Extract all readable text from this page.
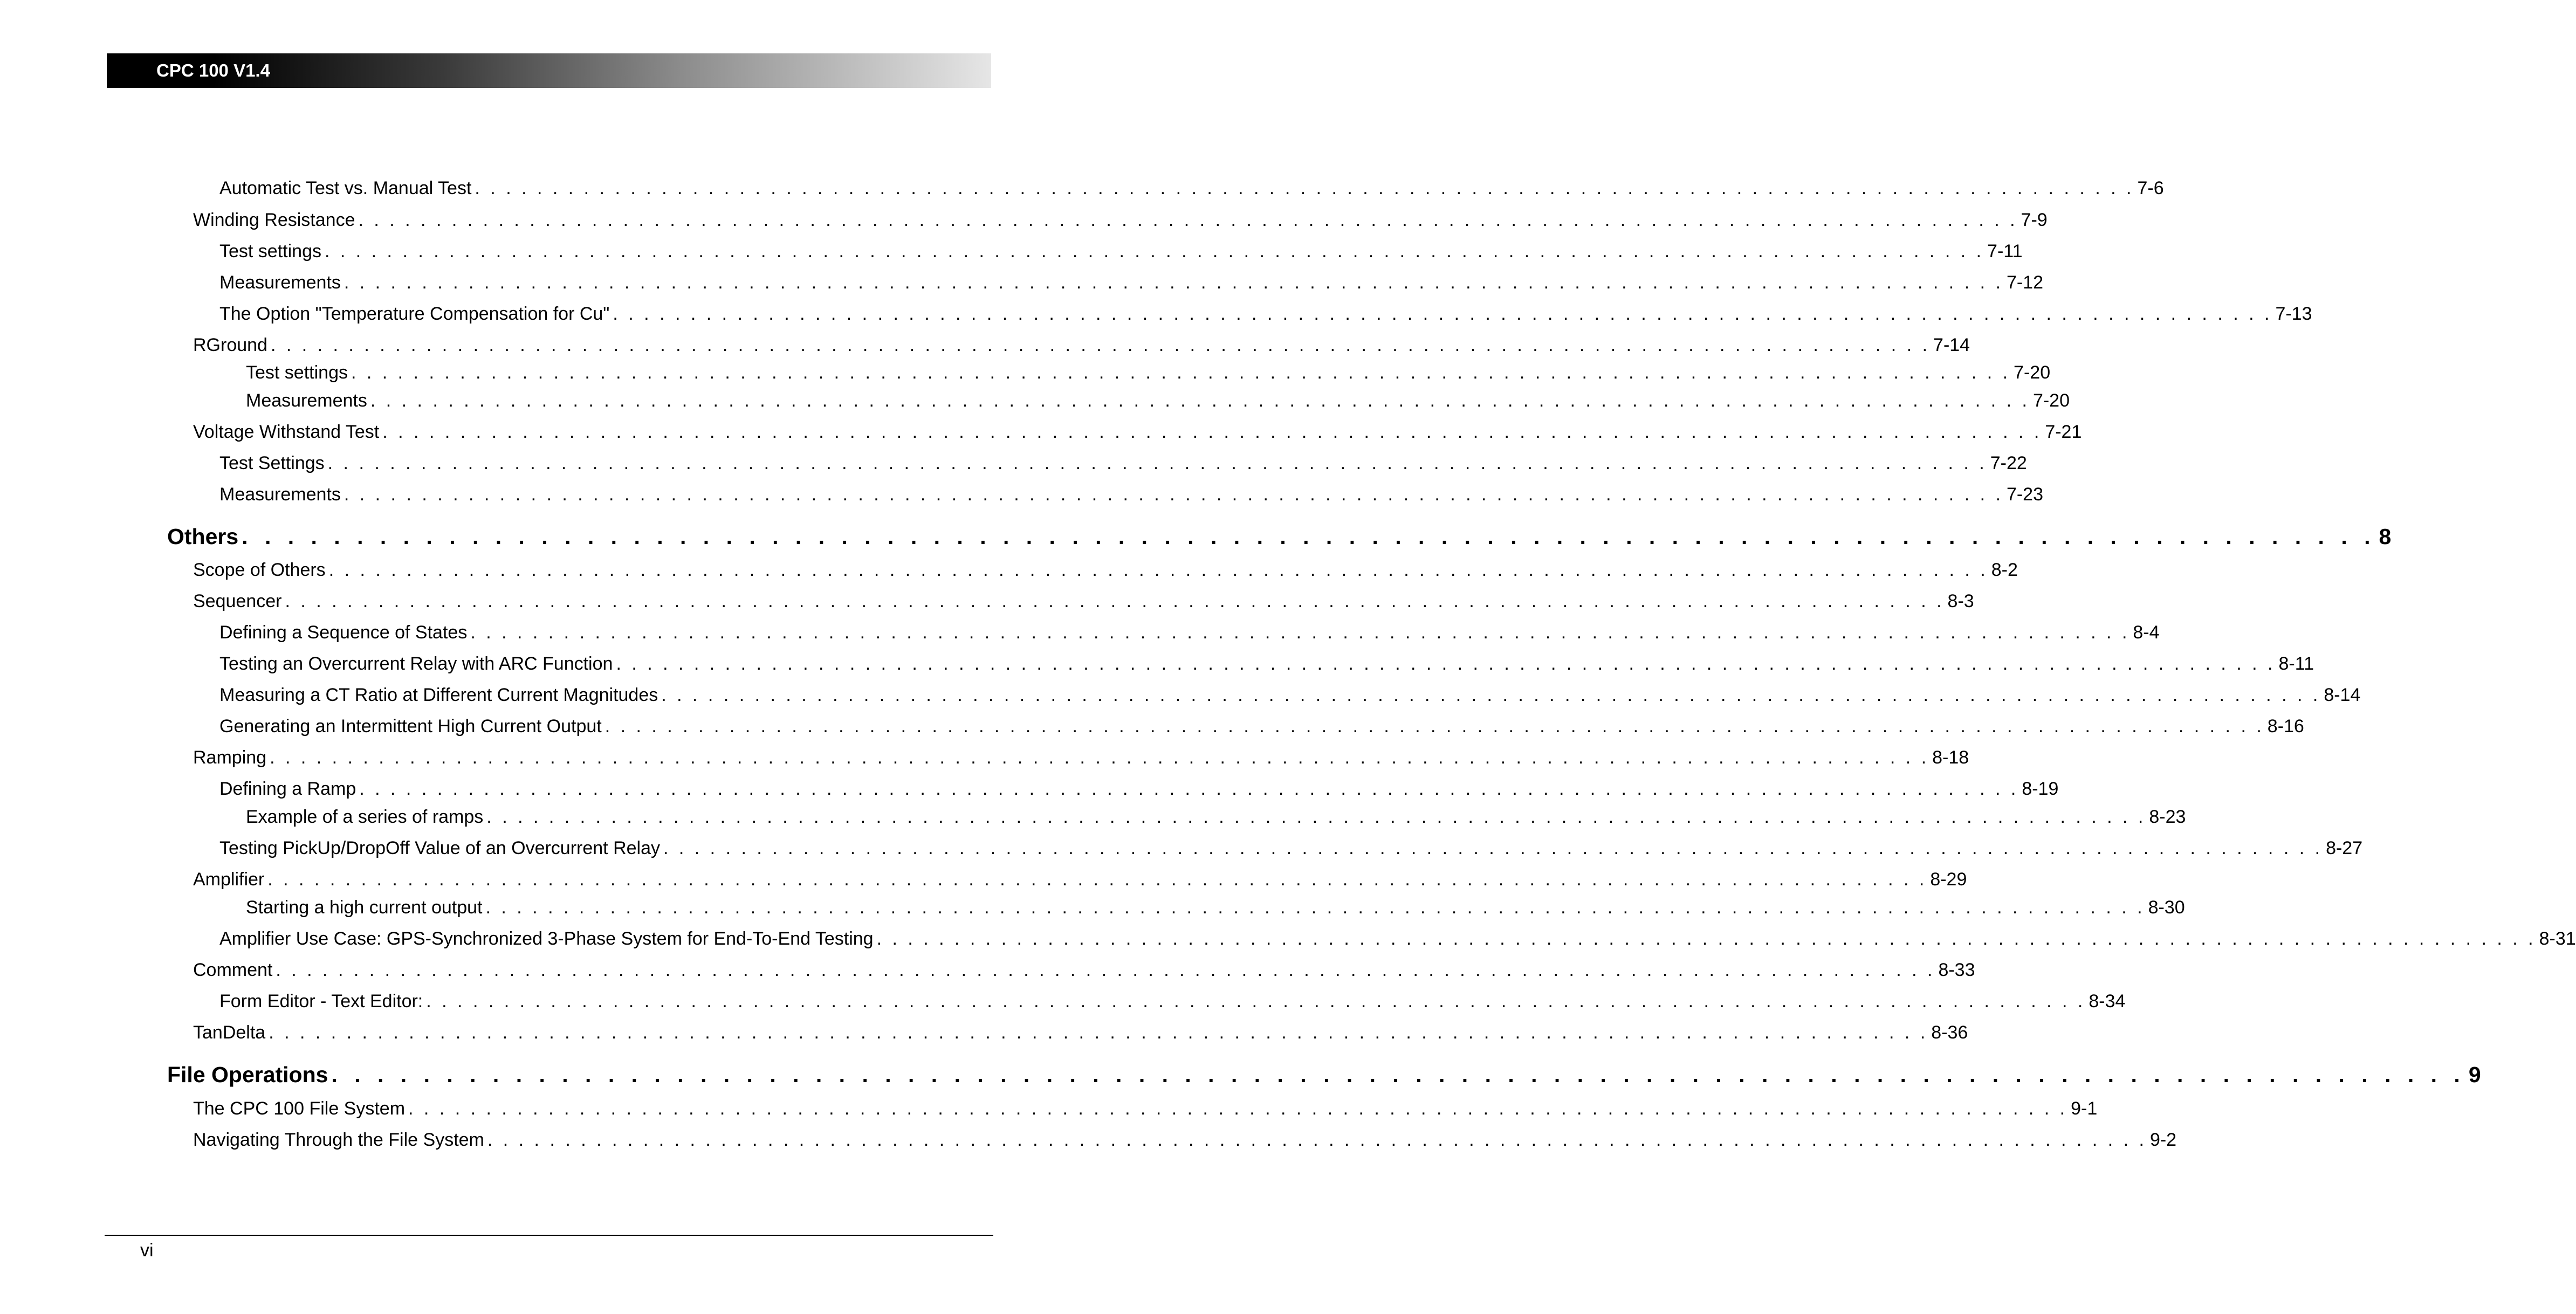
CPC 100 V1.4
Automatic Test vs. Manual Test . . . . . . . . . . . . . . . . . . . . . . . . . . . . . . . . . . . . . . . . . . . . . . . . . . . . . . . . . . . . . . . . . . . . . . . . . . . . . . . . . . . . . . . . . . . . . . . . . . . . . . . . . . . 7-6
Winding Resistance . . . . . . . . . . . . . . . . . . . . . . . . . . . . . . . . . . . . . . . . . . . . . . . . . . . . . . . . . . . . . . . . . . . . . . . . . . . . . . . . . . . . . . . . . . . . . . . . . . . . . . . . . . . 7-9
Test settings . . . . . . . . . . . . . . . . . . . . . . . . . . . . . . . . . . . . . . . . . . . . . . . . . . . . . . . . . . . . . . . . . . . . . . . . . . . . . . . . . . . . . . . . . . . . . . . . . . . . . . . . . . . 7-11
Measurements . . . . . . . . . . . . . . . . . . . . . . . . . . . . . . . . . . . . . . . . . . . . . . . . . . . . . . . . . . . . . . . . . . . . . . . . . . . . . . . . . . . . . . . . . . . . . . . . . . . . . . . . . . . 7-12
The Option "Temperature Compensation for Cu" . . . . . . . . . . . . . . . . . . . . . . . . . . . . . . . . . . . . . . . . . . . . . . . . . . . . . . . . . . . . . . . . . . . . . . . . . . . . . . . . . . . . . . . . . . . . . . . . . . . . . . . . . . . 7-13
RGround . . . . . . . . . . . . . . . . . . . . . . . . . . . . . . . . . . . . . . . . . . . . . . . . . . . . . . . . . . . . . . . . . . . . . . . . . . . . . . . . . . . . . . . . . . . . . . . . . . . . . . . . . . . 7-14
Test settings . . . . . . . . . . . . . . . . . . . . . . . . . . . . . . . . . . . . . . . . . . . . . . . . . . . . . . . . . . . . . . . . . . . . . . . . . . . . . . . . . . . . . . . . . . . . . . . . . . . . . . . . . . . 7-20
Measurements . . . . . . . . . . . . . . . . . . . . . . . . . . . . . . . . . . . . . . . . . . . . . . . . . . . . . . . . . . . . . . . . . . . . . . . . . . . . . . . . . . . . . . . . . . . . . . . . . . . . . . . . . . . 7-20
Voltage Withstand Test . . . . . . . . . . . . . . . . . . . . . . . . . . . . . . . . . . . . . . . . . . . . . . . . . . . . . . . . . . . . . . . . . . . . . . . . . . . . . . . . . . . . . . . . . . . . . . . . . . . . . . . . . . . 7-21
Test Settings . . . . . . . . . . . . . . . . . . . . . . . . . . . . . . . . . . . . . . . . . . . . . . . . . . . . . . . . . . . . . . . . . . . . . . . . . . . . . . . . . . . . . . . . . . . . . . . . . . . . . . . . . . . 7-22
Measurements . . . . . . . . . . . . . . . . . . . . . . . . . . . . . . . . . . . . . . . . . . . . . . . . . . . . . . . . . . . . . . . . . . . . . . . . . . . . . . . . . . . . . . . . . . . . . . . . . . . . . . . . . . . 7-23
Others . . . . . . . . . . . . . . . . . . . . . . . . . . . . . . . . . . . . . . . . . . . . . . . . . . . . . . . . . . . . . . . . . . . . . . . . . . . . . . . . . . . . . . . . . . . . . 8
Scope of Others . . . . . . . . . . . . . . . . . . . . . . . . . . . . . . . . . . . . . . . . . . . . . . . . . . . . . . . . . . . . . . . . . . . . . . . . . . . . . . . . . . . . . . . . . . . . . . . . . . . . . . . . . . . 8-2
Sequencer . . . . . . . . . . . . . . . . . . . . . . . . . . . . . . . . . . . . . . . . . . . . . . . . . . . . . . . . . . . . . . . . . . . . . . . . . . . . . . . . . . . . . . . . . . . . . . . . . . . . . . . . . . . 8-3
Defining a Sequence of States . . . . . . . . . . . . . . . . . . . . . . . . . . . . . . . . . . . . . . . . . . . . . . . . . . . . . . . . . . . . . . . . . . . . . . . . . . . . . . . . . . . . . . . . . . . . . . . . . . . . . . . . . . . 8-4
Testing an Overcurrent Relay with ARC Function . . . . . . . . . . . . . . . . . . . . . . . . . . . . . . . . . . . . . . . . . . . . . . . . . . . . . . . . . . . . . . . . . . . . . . . . . . . . . . . . . . . . . . . . . . . . . . . . . . . . . . . . . . . 8-11
Measuring a CT Ratio at Different Current Magnitudes . . . . . . . . . . . . . . . . . . . . . . . . . . . . . . . . . . . . . . . . . . . . . . . . . . . . . . . . . . . . . . . . . . . . . . . . . . . . . . . . . . . . . . . . . . . . . . . . . . . . . . . . . . . 8-14
Generating an Intermittent High Current Output . . . . . . . . . . . . . . . . . . . . . . . . . . . . . . . . . . . . . . . . . . . . . . . . . . . . . . . . . . . . . . . . . . . . . . . . . . . . . . . . . . . . . . . . . . . . . . . . . . . . . . . . . . . 8-16
Ramping . . . . . . . . . . . . . . . . . . . . . . . . . . . . . . . . . . . . . . . . . . . . . . . . . . . . . . . . . . . . . . . . . . . . . . . . . . . . . . . . . . . . . . . . . . . . . . . . . . . . . . . . . . . 8-18
Defining a Ramp . . . . . . . . . . . . . . . . . . . . . . . . . . . . . . . . . . . . . . . . . . . . . . . . . . . . . . . . . . . . . . . . . . . . . . . . . . . . . . . . . . . . . . . . . . . . . . . . . . . . . . . . . . . 8-19
Example of a series of ramps . . . . . . . . . . . . . . . . . . . . . . . . . . . . . . . . . . . . . . . . . . . . . . . . . . . . . . . . . . . . . . . . . . . . . . . . . . . . . . . . . . . . . . . . . . . . . . . . . . . . . . . . . . . 8-23
Testing PickUp/DropOff Value of an Overcurrent Relay . . . . . . . . . . . . . . . . . . . . . . . . . . . . . . . . . . . . . . . . . . . . . . . . . . . . . . . . . . . . . . . . . . . . . . . . . . . . . . . . . . . . . . . . . . . . . . . . . . . . . . . . . . . 8-27
Amplifier . . . . . . . . . . . . . . . . . . . . . . . . . . . . . . . . . . . . . . . . . . . . . . . . . . . . . . . . . . . . . . . . . . . . . . . . . . . . . . . . . . . . . . . . . . . . . . . . . . . . . . . . . . . 8-29
Starting a high current output . . . . . . . . . . . . . . . . . . . . . . . . . . . . . . . . . . . . . . . . . . . . . . . . . . . . . . . . . . . . . . . . . . . . . . . . . . . . . . . . . . . . . . . . . . . . . . . . . . . . . . . . . . . 8-30
Amplifier Use Case: GPS-Synchronized 3-Phase System for End-To-End Testing . . . . . . . . . . . . . . . . . . . . . . . . . . . . . . . . . . . . . . . . . . . . . . . . . . . . . . . . . . . . . . . . . . . . . . . . . . . . . . . . . . . . . . . . . . . . . . . . . . . . . . . . . . . 8-31
Comment . . . . . . . . . . . . . . . . . . . . . . . . . . . . . . . . . . . . . . . . . . . . . . . . . . . . . . . . . . . . . . . . . . . . . . . . . . . . . . . . . . . . . . . . . . . . . . . . . . . . . . . . . . . 8-33
Form Editor - Text Editor: . . . . . . . . . . . . . . . . . . . . . . . . . . . . . . . . . . . . . . . . . . . . . . . . . . . . . . . . . . . . . . . . . . . . . . . . . . . . . . . . . . . . . . . . . . . . . . . . . . . . . . . . . . . 8-34
TanDelta . . . . . . . . . . . . . . . . . . . . . . . . . . . . . . . . . . . . . . . . . . . . . . . . . . . . . . . . . . . . . . . . . . . . . . . . . . . . . . . . . . . . . . . . . . . . . . . . . . . . . . . . . . . 8-36
File Operations . . . . . . . . . . . . . . . . . . . . . . . . . . . . . . . . . . . . . . . . . . . . . . . . . . . . . . . . . . . . . . . . . . . . . . . . . . . . . . . . . . . . . . . . . . . . . 9
The CPC 100 File System . . . . . . . . . . . . . . . . . . . . . . . . . . . . . . . . . . . . . . . . . . . . . . . . . . . . . . . . . . . . . . . . . . . . . . . . . . . . . . . . . . . . . . . . . . . . . . . . . . . . . . . . . . . 9-1
Navigating Through the File System . . . . . . . . . . . . . . . . . . . . . . . . . . . . . . . . . . . . . . . . . . . . . . . . . . . . . . . . . . . . . . . . . . . . . . . . . . . . . . . . . . . . . . . . . . . . . . . . . . . . . . . . . . . 9-2
vi
